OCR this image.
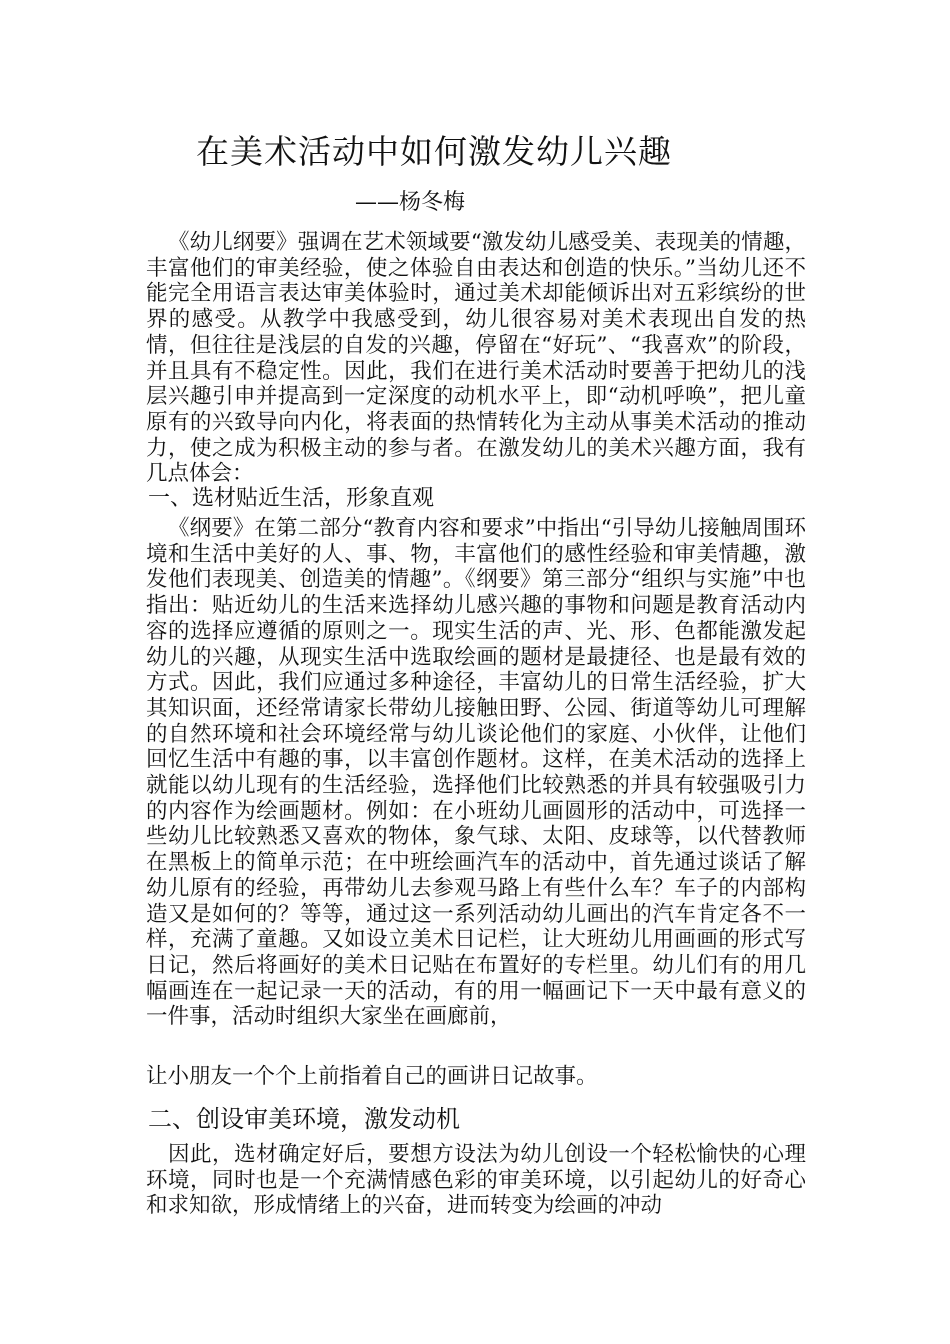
在美术活动中如何激发幼儿兴趣
——杨冬梅

《幼儿纲要》强调在艺术领域要“激发幼儿感受美、表现美的情趣，丰富他们的审美经验，使之体验自由表达和创造的快乐。”当幼儿还不能完全用语言表达审美体验时，通过美术却能倾诉出对五彩缤纷的世界的感受。从教学中我感受到，幼儿很容易对美术表现出自发的热情，但往往是浅层的自发的兴趣，停留在“好玩”、“我喜欢”的阶段，并且具有不稳定性。因此，我们在进行美术活动时要善于把幼儿的浅层兴趣引申并提高到一定深度的动机水平上，即“动机呼唤”，把儿童原有的兴致导向内化，将表面的热情转化为主动从事美术活动的推动力，使之成为积极主动的参与者。在激发幼儿的美术兴趣方面，我有几点体会：

一、选材贴近生活，形象直观

《纲要》在第二部分“教育内容和要求”中指出“引导幼儿接触周围环境和生活中美好的人、事、物，丰富他们的感性经验和审美情趣，激发他们表现美、创造美的情趣”。《纲要》第三部分“组织与实施”中也指出：贴近幼儿的生活来选择幼儿感兴趣的事物和问题是教育活动内容的选择应遵循的原则之一。现实生活的声、光、形、色都能激发起幼儿的兴趣，从现实生活中选取绘画的题材是最捷径、也是最有效的方式。因此，我们应通过多种途径，丰富幼儿的日常生活经验，扩大其知识面，还经常请家长带幼儿接触田野、公园、街道等幼儿可理解的自然环境和社会环境经常与幼儿谈论他们的家庭、小伙伴，让他们回忆生活中有趣的事，以丰富创作题材。这样，在美术活动的选择上就能以幼儿现有的生活经验，选择他们比较熟悉的并具有较强吸引力的内容作为绘画题材。例如：在小班幼儿画圆形的活动中，可选择一些幼儿比较熟悉又喜欢的物体，象气球、太阳、皮球等，以代替教师在黑板上的简单示范；在中班绘画汽车的活动中，首先通过谈话了解幼儿原有的经验，再带幼儿去参观马路上有些什么车？车子的内部构造又是如何的？等等，通过这一系列活动幼儿画出的汽车肯定各不一样，充满了童趣。又如设立美术日记栏，让大班幼儿用画画的形式写日记，然后将画好的美术日记贴在布置好的专栏里。幼儿们有的用几幅画连在一起记录一天的活动，有的用一幅画记下一天中最有意义的一件事，活动时组织大家坐在画廊前，

让小朋友一个个上前指着自己的画讲日记故事。

二、创设审美环境，激发动机

因此，选材确定好后，要想方设法为幼儿创设一个轻松愉快的心理环境，同时也是一个充满情感色彩的审美环境，以引起幼儿的好奇心和求知欲，形成情绪上的兴奋，进而转变为绘画的冲动
